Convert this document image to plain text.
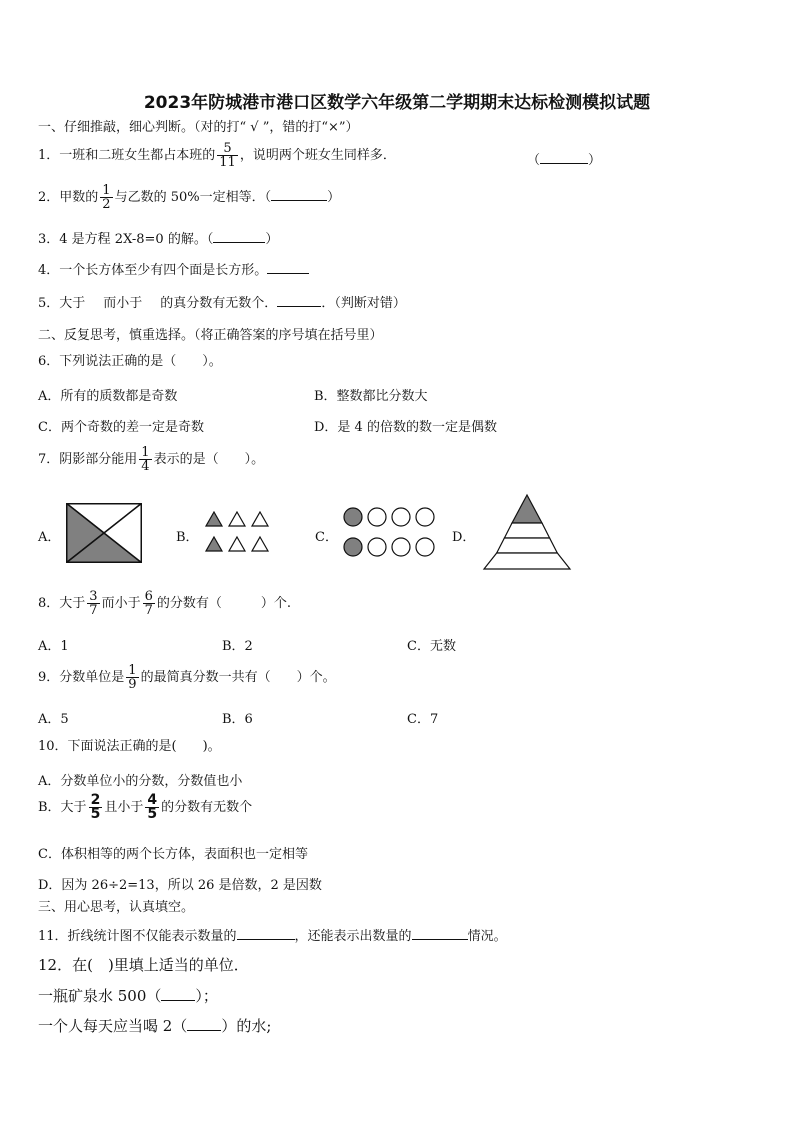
2023年防城港市港口区数学六年级第二学期期末达标检测模拟试题
一、仔细推敲，细心判断。（对的打“ √ ”，错的打“×”）
1．一班和二班女生都占本班的 $\frac{5}{11}$ ，说明两个班女生同样多．	（	）
2．甲数的 $\frac{1}{2}$ 与乙数的 50%一定相等．（	）
3．4 是方程 2X-8=0 的解。（	）
4．一个长方体至少有四个面是长方形。
5．大于 而小于 的真分数有无数个．	．（判断对错）
二、反复思考，慎重选择。（将正确答案的序号填在括号里）
6．下列说法正确的是（　　）。
A．所有的质数都是奇数	B．整数都比分数大
C．两个奇数的差一定是奇数	D．是 4 的倍数的数一定是偶数
7．阴影部分能用 $\frac{1}{4}$ 表示的是（　　）。
A．	B．	C．	D．
8．大于 $\frac{3}{7}$ 而小于 $\frac{6}{7}$ 的分数有（　　　）个.
A．1	B．2	C．无数
9．分数单位是 $\frac{1}{9}$ 的最简真分数一共有（　　）个。
A．5	B．6	C．7
10．下面说法正确的是(　　)。
A．分数单位小的分数，分数值也小
B．大于 $\frac{2}{5}$ 且小于 $\frac{4}{5}$ 的分数有无数个
C．体积相等的两个长方体，表面积也一定相等
D．因为 26÷2=13，所以 26 是倍数，2 是因数
三、用心思考，认真填空。
11．折线统计图不仅能表示数量的	，还能表示出数量的	情况。
12．在(　)里填上适当的单位．
一瓶矿泉水 500（ ）；
一个人每天应当喝 2（ ）的水;
